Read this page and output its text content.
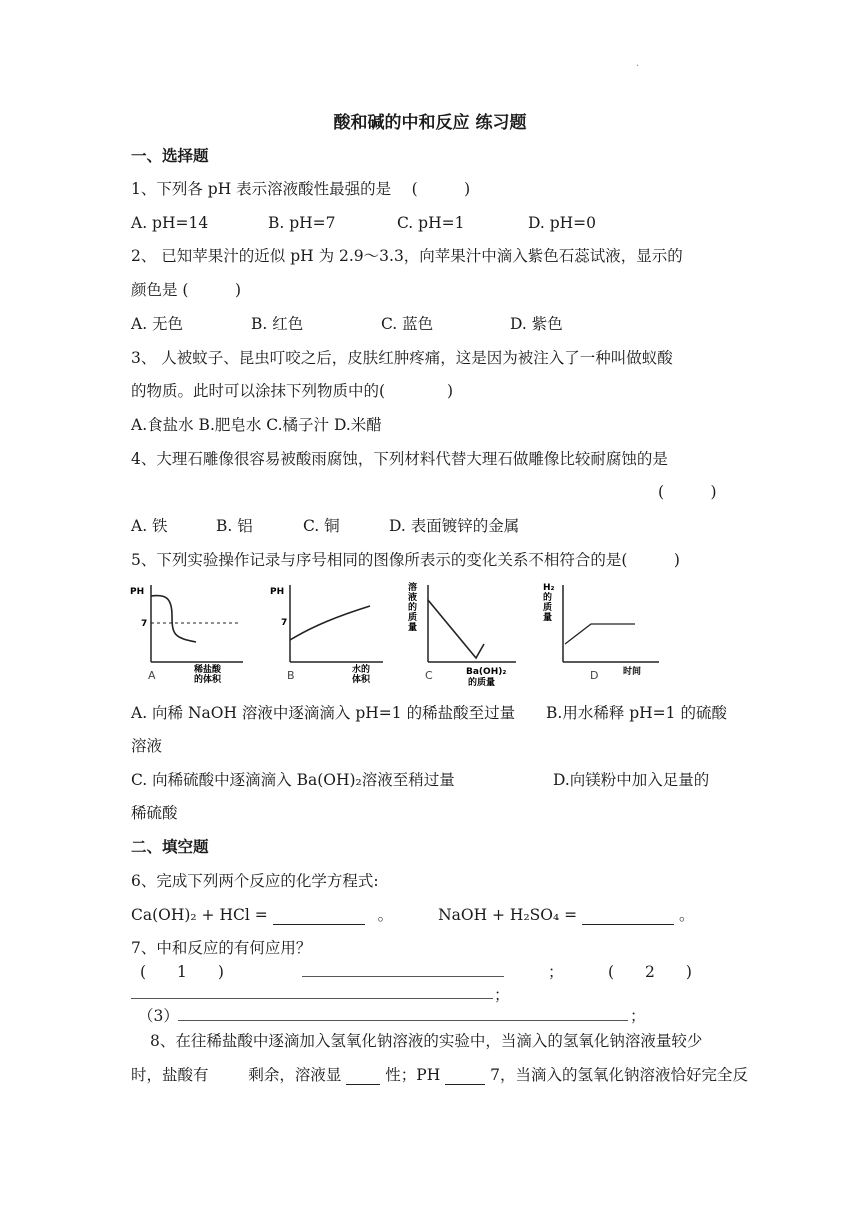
.
酸和碱的中和反应 练习题
一、选择题
1、下列各 pH 表示溶液酸性最强的是 　(　　　)
A. pH=14	B. pH=7	C. pH=1	D. pH=0
2、 已知苹果汁的近似 pH 为 2.9～3.3，向苹果汁中滴入紫色石蕊试液，显示的
颜色是 (　　　)
A. 无色	B. 红色	C. 蓝色	D. 紫色
3、 人被蚊子、昆虫叮咬之后，皮肤红肿疼痛，这是因为被注入了一种叫做蚁酸
的物质。此时可以涂抹下列物质中的(　　　　)
A.食盐水 B.肥皂水 C.橘子汁 D.米醋
4、大理石雕像很容易被酸雨腐蚀，下列材料代替大理石做雕像比较耐腐蚀的是
(　　　)
A. 铁	B. 铝	C. 铜	D. 表面镀锌的金属
5、下列实验操作记录与序号相同的图像所表示的变化关系不相符合的是(　　　)
PH
7
稀盐酸
的体积
A
PH
7
水的
体积
B
溶
液
的
质
量
Ba(OH)₂
的质量
C
H₂
的
质
量
时间
D
A. 向稀 NaOH 溶液中逐滴滴入 pH=1 的稀盐酸至过量 B.用水稀释 pH=1 的硫酸
溶液
C. 向稀硫酸中逐滴滴入 Ba(OH)₂溶液至稍过量	D.向镁粉中加入足量的
稀硫酸
二、填空题
6、完成下列两个反应的化学方程式:
Ca(OH)₂ + HCl =	。	NaOH + H₂SO₄ =	。
7、中和反应的有何应用？
(　　1　　)	；	(　　2　　)
；
（3）	；
8、在往稀盐酸中逐滴加入氢氧化钠溶液的实验中，当滴入的氢氧化钠溶液量较少
时，盐酸有	剩余，溶液显	性；PH	7，当滴入的氢氧化钠溶液恰好完全反
